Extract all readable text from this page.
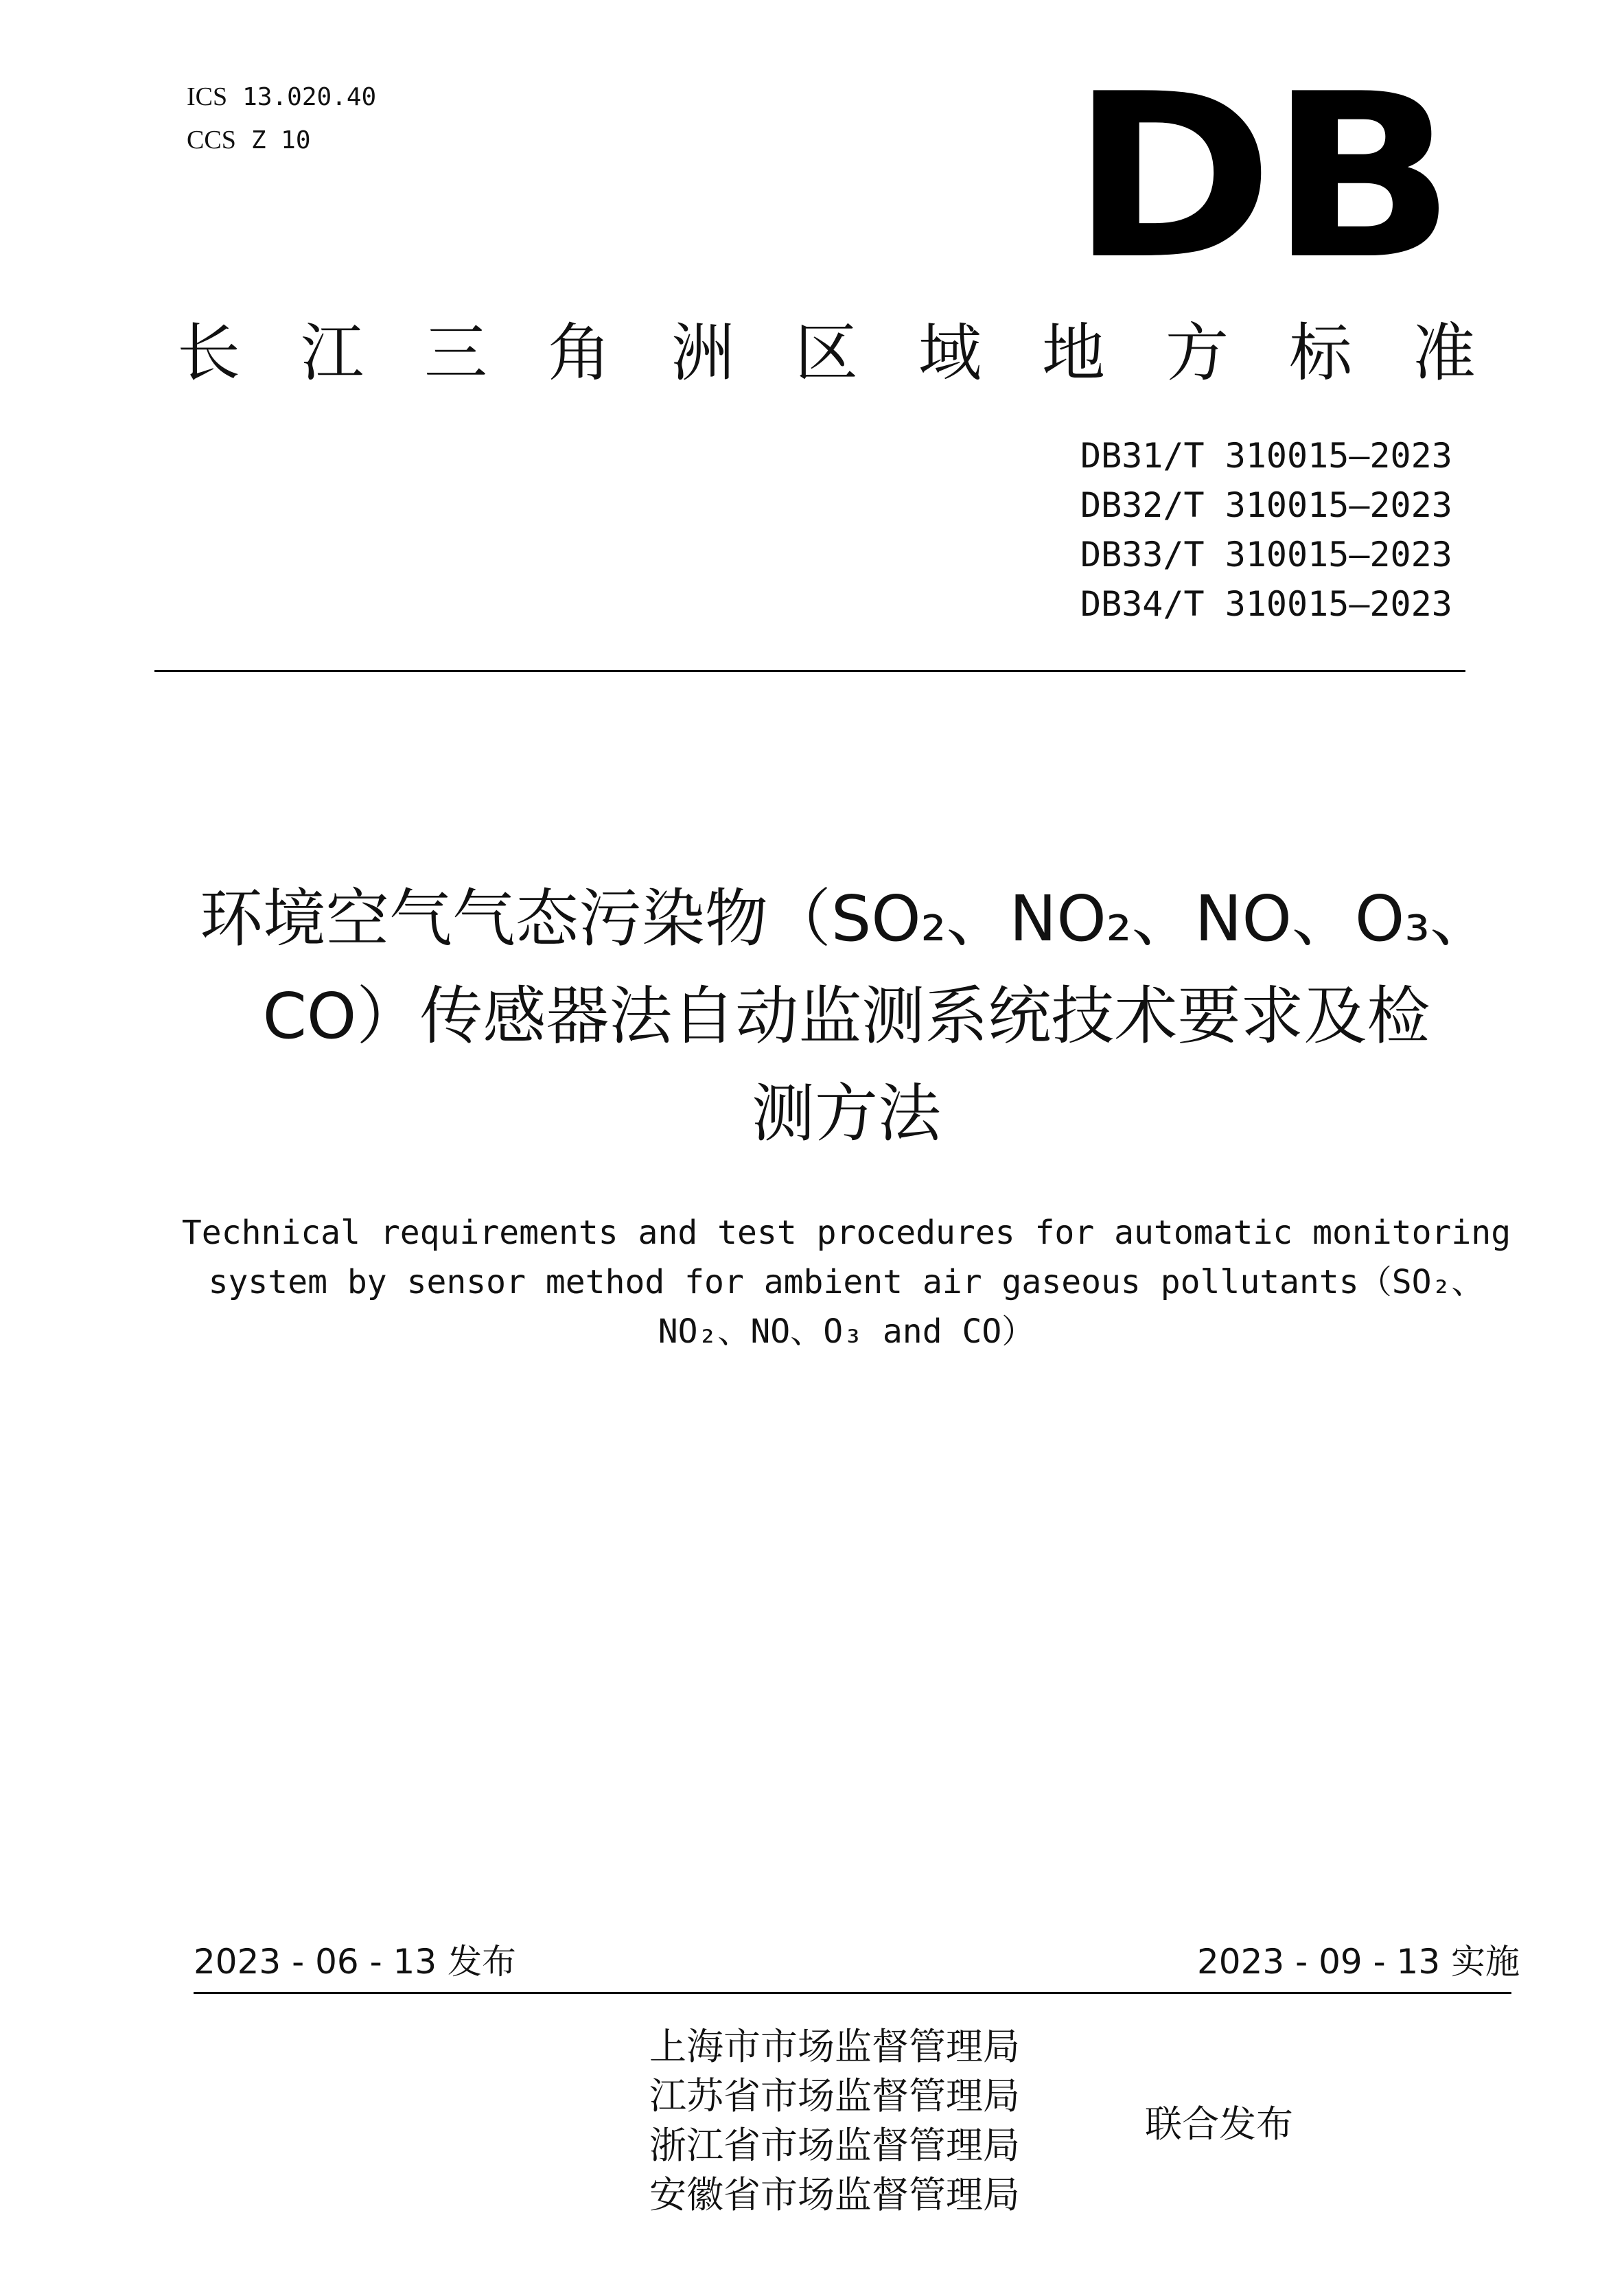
ICS 13.020.40
CCS Z 10	DB
长江三角洲区域地方标准
DB31/T 310015—2023
DB32/T 310015—2023
DB33/T 310015—2023
DB34/T 310015—2023
环境空气气态污染物（SO₂、NO₂、NO、O₃、
CO）传感器法自动监测系统技术要求及检
测方法
Technical requirements and test procedures for automatic monitoring
system by sensor method for ambient air gaseous pollutants（SO₂、
NO₂、NO、O₃ and CO）
2023 - 06 - 13 发布	2023 - 09 - 13 实施
上海市市场监督管理局
江苏省市场监督管理局
浙江省市场监督管理局
安徽省市场监督管理局
联合发布
